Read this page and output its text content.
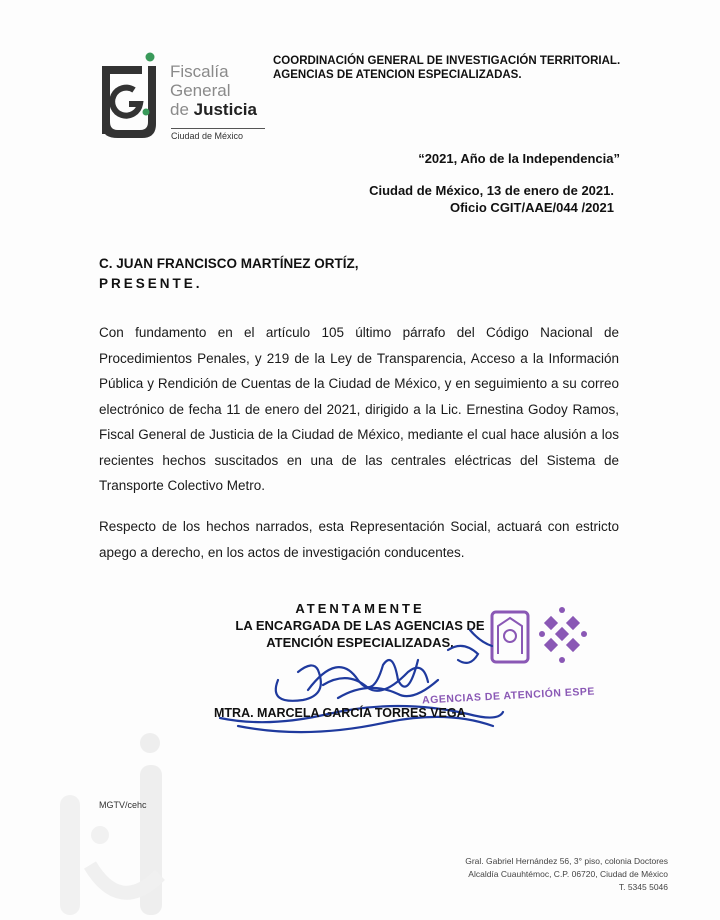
Fiscalía
General
de Justicia
Ciudad de México
COORDINACIÓN GENERAL DE INVESTIGACIÓN TERRITORIAL.
AGENCIAS DE ATENCION ESPECIALIZADAS.
“2021, Año de la Independencia”
Ciudad de México, 13 de enero de 2021.
Oficio CGIT/AAE/044 /2021
C. JUAN FRANCISCO MARTÍNEZ ORTÍZ,
PRESENTE.
Con fundamento en el artículo 105 último párrafo del Código Nacional de Procedimientos Penales, y 219 de la Ley de Transparencia, Acceso a la Información Pública y Rendición de Cuentas de la Ciudad de México, y en seguimiento a su correo electrónico de fecha 11 de enero del 2021, dirigido a la Lic. Ernestina Godoy Ramos, Fiscal General de Justicia de la Ciudad de México, mediante el cual hace alusión a los recientes hechos suscitados en una de las centrales eléctricas del Sistema de Transporte Colectivo Metro.
Respecto de los hechos narrados, esta Representación Social, actuará con estricto apego a derecho, en los actos de investigación conducentes.
ATENTAMENTE
LA ENCARGADA DE LAS AGENCIAS DE
ATENCIÓN ESPECIALIZADAS.
AGENCIAS DE ATENCIÓN ESPE
MTRA. MARCELA GARCÍA TORRES VEGA
MGTV/cehc
Gral. Gabriel Hernández 56, 3° piso, colonia Doctores
Alcaldía Cuauhtémoc, C.P. 06720, Ciudad de México
T. 5345 5046
